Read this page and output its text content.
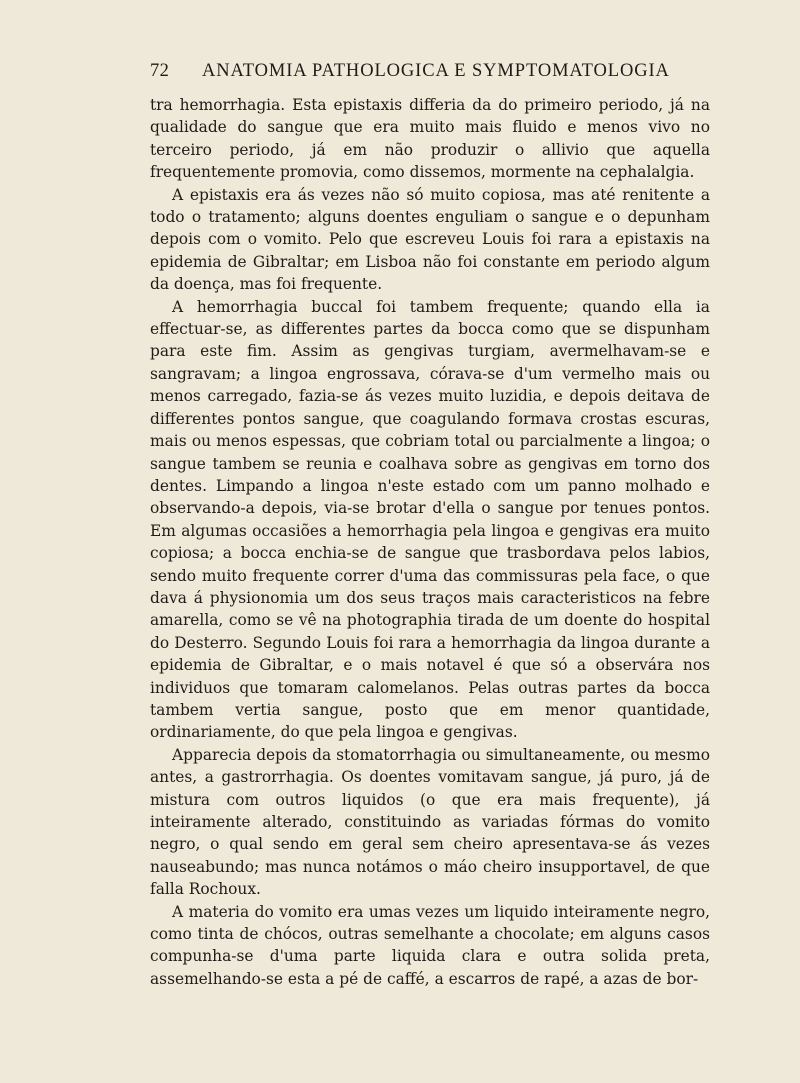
72	ANATOMIA PATHOLOGICA E SYMPTOMATOLOGIA

tra hemorrhagia. Esta epistaxis differia da do primeiro periodo, já na qualidade do sangue que era muito mais fluido e menos vivo no terceiro periodo, já em não produzir o allivio que aquella frequentemente promovia, como dissemos, mormente na cephalalgia.

A epistaxis era ás vezes não só muito copiosa, mas até renitente a todo o tratamento; alguns doentes enguliam o sangue e o depunham depois com o vomito. Pelo que escreveu Louis foi rara a epistaxis na epidemia de Gibraltar; em Lisboa não foi constante em periodo algum da doença, mas foi frequente.

A hemorrhagia buccal foi tambem frequente; quando ella ia effectuar-se, as differentes partes da bocca como que se dispunham para este fim. Assim as gengivas turgiam, avermelhavam-se e sangravam; a lingoa engrossava, córava-se d'um vermelho mais ou menos carregado, fazia-se ás vezes muito luzidia, e depois deitava de differentes pontos sangue, que coagulando formava crostas escuras, mais ou menos espessas, que cobriam total ou parcialmente a lingoa; o sangue tambem se reunia e coalhava sobre as gengivas em torno dos dentes. Limpando a lingoa n'este estado com um panno molhado e observando-a depois, via-se brotar d'ella o sangue por tenues pontos. Em algumas occasiões a hemorrhagia pela lingoa e gengivas era muito copiosa; a bocca enchia-se de sangue que trasbordava pelos labios, sendo muito frequente correr d'uma das commissuras pela face, o que dava á physionomia um dos seus traços mais caracteristicos na febre amarella, como se vê na photographia tirada de um doente do hospital do Desterro. Segundo Louis foi rara a hemorrhagia da lingoa durante a epidemia de Gibraltar, e o mais notavel é que só a observára nos individuos que tomaram calomelanos. Pelas outras partes da bocca tambem vertia sangue, posto que em menor quantidade, ordinariamente, do que pela lingoa e gengivas.

Apparecia depois da stomatorrhagia ou simultaneamente, ou mesmo antes, a gastrorrhagia. Os doentes vomitavam sangue, já puro, já de mistura com outros liquidos (o que era mais frequente), já inteiramente alterado, constituindo as variadas fórmas do vomito negro, o qual sendo em geral sem cheiro apresentava-se ás vezes nauseabundo; mas nunca notámos o máo cheiro insupportavel, de que falla Rochoux.

A materia do vomito era umas vezes um liquido inteiramente negro, como tinta de chócos, outras semelhante a chocolate; em alguns casos compunha-se d'uma parte liquida clara e outra solida preta, assemelhando-se esta a pé de caffé, a escarros de rapé, a azas de bor-
